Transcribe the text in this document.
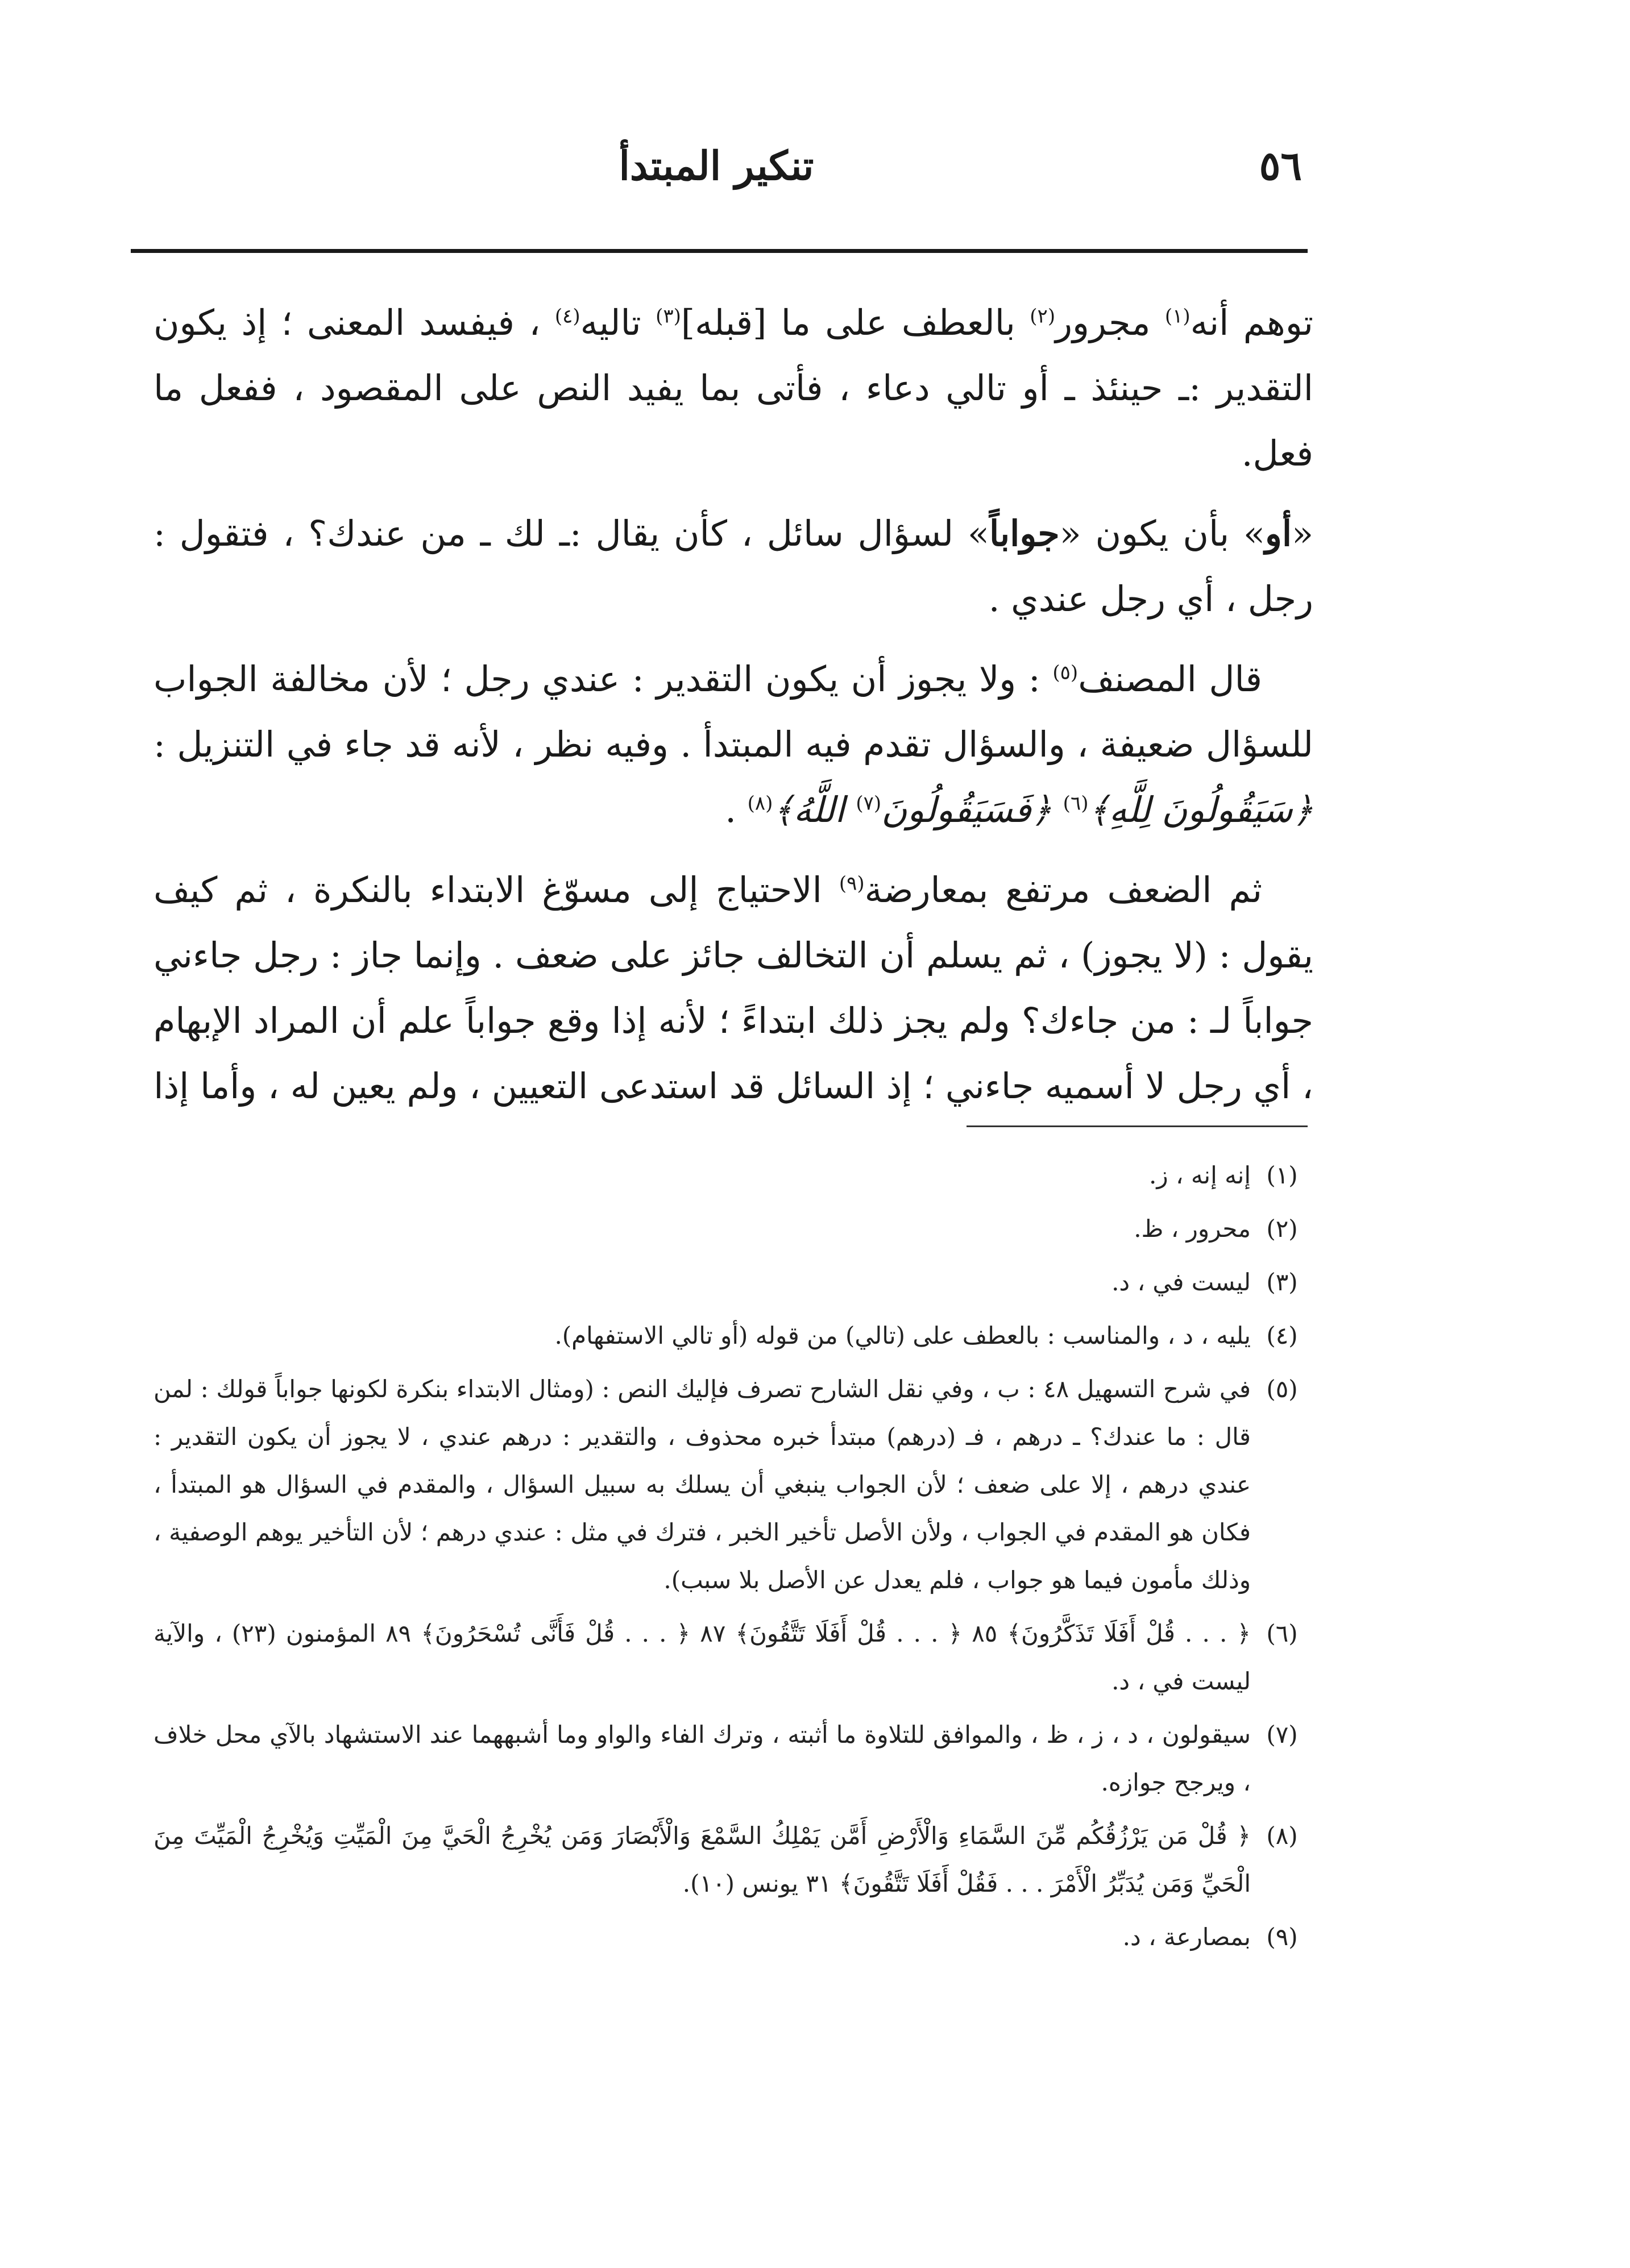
تنكير المبتدأ	٥٦

توهم أنه$^{(١)}$ مجرور$^{(٢)}$ بالعطف على ما [قبله]$^{(٣)}$ تاليه$^{(٤)}$ ، فيفسد المعنى ؛ إذ يكون التقدير :ـ حينئذ ـ أو تالي دعاء ، فأتى بما يفيد النص على المقصود ، ففعل ما فعل.

«أو» بأن يكون «جواباً» لسؤال سائل ، كأن يقال :ـ لك ـ من عندك؟ ، فتقول : رجل ، أي رجل عندي .

قال المصنف$^{(٥)}$ : ولا يجوز أن يكون التقدير : عندي رجل ؛ لأن مخالفة الجواب للسؤال ضعيفة ، والسؤال تقدم فيه المبتدأ . وفيه نظر ، لأنه قد جاء في التنزيل : ﴿سَيَقُولُونَ لِلَّهِ﴾$^{(٦)}$ ﴿فَسَيَقُولُونَ$^{(٧)}$ اللَّهُ﴾$^{(٨)}$ .

ثم الضعف مرتفع بمعارضة$^{(٩)}$ الاحتياج إلى مسوّغ الابتداء بالنكرة ، ثم كيف يقول : (لا يجوز) ، ثم يسلم أن التخالف جائز على ضعف . وإنما جاز : رجل جاءني جواباً لـ : من جاءك؟ ولم يجز ذلك ابتداءً ؛ لأنه إذا وقع جواباً علم أن المراد الإبهام ، أي رجل لا أسميه جاءني ؛ إذ السائل قد استدعى التعيين ، ولم يعين له ، وأما إذا

(١)
إنه إنه ، ز.
(٢)
محرور ، ظ.
(٣)
ليست في ، د.
(٤)
يليه ، د ، والمناسب : بالعطف على (تالي) من قوله (أو تالي الاستفهام).
(٥)
في شرح التسهيل ٤٨ : ب ، وفي نقل الشارح تصرف فإليك النص : (ومثال الابتداء بنكرة لكونها جواباً قولك : لمن قال : ما عندك؟ ـ درهم ، فـ (درهم) مبتدأ خبره محذوف ، والتقدير : درهم عندي ، لا يجوز أن يكون التقدير : عندي درهم ، إلا على ضعف ؛ لأن الجواب ينبغي أن يسلك به سبيل السؤال ، والمقدم في السؤال هو المبتدأ ، فكان هو المقدم في الجواب ، ولأن الأصل تأخير الخبر ، فترك في مثل : عندي درهم ؛ لأن التأخير يوهم الوصفية ، وذلك مأمون فيما هو جواب ، فلم يعدل عن الأصل بلا سبب).
(٦)
﴿ . . . قُلْ أَفَلَا تَذَكَّرُونَ﴾ ٨٥ ﴿ . . . قُلْ أَفَلَا تَتَّقُونَ﴾ ٨٧ ﴿ . . . قُلْ فَأَنَّى تُسْحَرُونَ﴾ ٨٩ المؤمنون (٢٣) ، والآية ليست في ، د.
(٧)
سيقولون ، د ، ز ، ظ ، والموافق للتلاوة ما أثبته ، وترك الفاء والواو وما أشبههما عند الاستشهاد بالآي محل خلاف ، ويرجح جوازه.
(٨)
﴿ قُلْ مَن يَرْزُقُكُم مِّنَ السَّمَاءِ وَالْأَرْضِ أَمَّن يَمْلِكُ السَّمْعَ وَالْأَبْصَارَ وَمَن يُخْرِجُ الْحَيَّ مِنَ الْمَيِّتِ وَيُخْرِجُ الْمَيِّتَ مِنَ الْحَيِّ وَمَن يُدَبِّرُ الْأَمْرَ . . . فَقُلْ أَفَلَا تَتَّقُونَ﴾ ٣١ يونس (١٠).
(٩)
بمصارعة ، د.
